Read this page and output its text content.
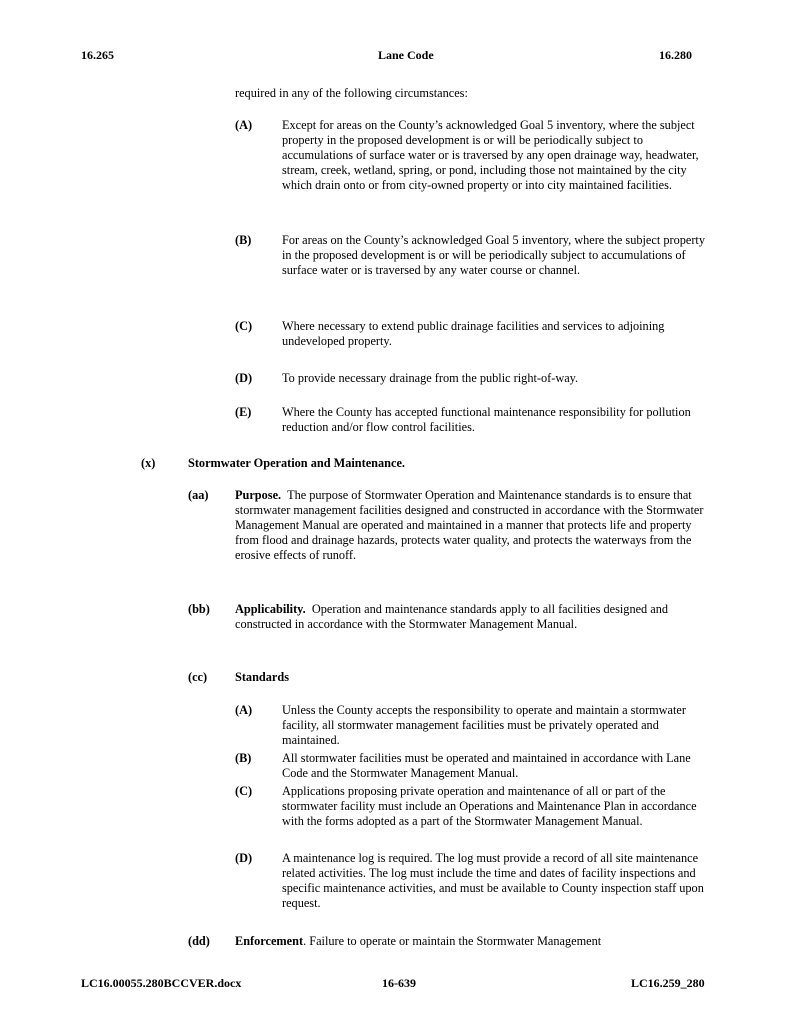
16.265	Lane Code	16.280
required in any of the following circumstances:
(A) Except for areas on the County’s acknowledged Goal 5 inventory, where the subject property in the proposed development is or will be periodically subject to accumulations of surface water or is traversed by any open drainage way, headwater, stream, creek, wetland, spring, or pond, including those not maintained by the city which drain onto or from city-owned property or into city maintained facilities.
(B) For areas on the County’s acknowledged Goal 5 inventory, where the subject property in the proposed development is or will be periodically subject to accumulations of surface water or is traversed by any water course or channel.
(C) Where necessary to extend public drainage facilities and services to adjoining undeveloped property.
(D) To provide necessary drainage from the public right-of-way.
(E) Where the County has accepted functional maintenance responsibility for pollution reduction and/or flow control facilities.
(x)	Stormwater Operation and Maintenance.
(aa) Purpose. The purpose of Stormwater Operation and Maintenance standards is to ensure that stormwater management facilities designed and constructed in accordance with the Stormwater Management Manual are operated and maintained in a manner that protects life and property from flood and drainage hazards, protects water quality, and protects the waterways from the erosive effects of runoff.
(bb) Applicability. Operation and maintenance standards apply to all facilities designed and constructed in accordance with the Stormwater Management Manual.
(cc) Standards
(A) Unless the County accepts the responsibility to operate and maintain a stormwater facility, all stormwater management facilities must be privately operated and maintained.
(B) All stormwater facilities must be operated and maintained in accordance with Lane Code and the Stormwater Management Manual.
(C) Applications proposing private operation and maintenance of all or part of the stormwater facility must include an Operations and Maintenance Plan in accordance with the forms adopted as a part of the Stormwater Management Manual.
(D) A maintenance log is required. The log must provide a record of all site maintenance related activities. The log must include the time and dates of facility inspections and specific maintenance activities, and must be available to County inspection staff upon request.
(dd) Enforcement. Failure to operate or maintain the Stormwater Management
LC16.00055.280BCCVER.docx	16-639	LC16.259_280
